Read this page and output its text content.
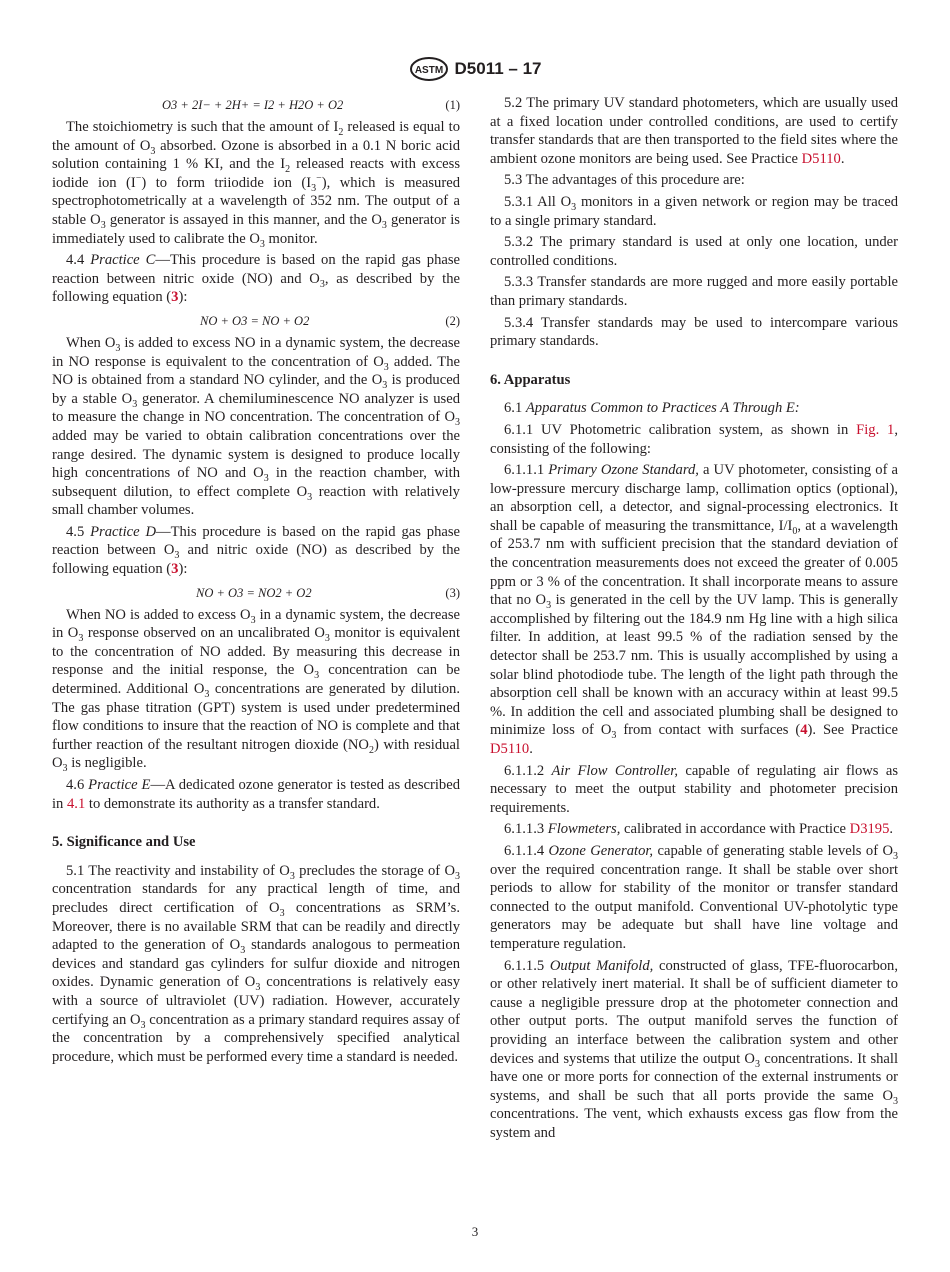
ASTM D5011 – 17
O3 + 2I− + 2H+ = I2 + H2O + O2	(1)

The stoichiometry is such that the amount of $I_2$ released is equal to the amount of $O_3$ absorbed. Ozone is absorbed in a 0.1 N boric acid solution containing 1 % KI, and the $I_2$ released reacts with excess iodide ion (I−) to form triiodide ion $(I_3^-)$, which is measured spectrophotometrically at a wavelength of 352 nm. The output of a stable $O_3$ generator is assayed in this manner, and the $O_3$ generator is immediately used to calibrate the $O_3$ monitor.

4.4 Practice C—This procedure is based on the rapid gas phase reaction between nitric oxide (NO) and $O_3$, as described by the following equation (3):

NO + O3 = NO + O2	(2)

When $O_3$ is added to excess NO in a dynamic system, the decrease in NO response is equivalent to the concentration of $O_3$ added. The NO is obtained from a standard NO cylinder, and the $O_3$ is produced by a stable $O_3$ generator. A chemiluminescence NO analyzer is used to measure the change in NO concentration. The concentration of $O_3$ added may be varied to obtain calibration concentrations over the range desired. The dynamic system is designed to produce locally high concentrations of NO and $O_3$ in the reaction chamber, with subsequent dilution, to effect complete $O_3$ reaction with relatively small chamber volumes.

4.5 Practice D—This procedure is based on the rapid gas phase reaction between $O_3$ and nitric oxide (NO) as described by the following equation (3):

NO + O3 = NO2 + O2	(3)

When NO is added to excess $O_3$ in a dynamic system, the decrease in $O_3$ response observed on an uncalibrated $O_3$ monitor is equivalent to the concentration of NO added. By measuring this decrease in response and the initial response, the $O_3$ concentration can be determined. Additional $O_3$ concentrations are generated by dilution. The gas phase titration (GPT) system is used under predetermined flow conditions to insure that the reaction of NO is complete and that further reaction of the resultant nitrogen dioxide $(NO_2)$ with residual $O_3$ is negligible.

4.6 Practice E—A dedicated ozone generator is tested as described in 4.1 to demonstrate its authority as a transfer standard.

5. Significance and Use

5.1 The reactivity and instability of $O_3$ precludes the storage of $O_3$ concentration standards for any practical length of time, and precludes direct certification of $O_3$ concentrations as SRM’s. Moreover, there is no available SRM that can be readily and directly adapted to the generation of $O_3$ standards analogous to permeation devices and standard gas cylinders for sulfur dioxide and nitrogen oxides. Dynamic generation of $O_3$ concentrations is relatively easy with a source of ultraviolet (UV) radiation. However, accurately certifying an $O_3$ concentration as a primary standard requires assay of the concentration by a comprehensively specified analytical procedure, which must be performed every time a standard is needed.

5.2 The primary UV standard photometers, which are usually used at a fixed location under controlled conditions, are used to certify transfer standards that are then transported to the field sites where the ambient ozone monitors are being used. See Practice D5110.

5.3 The advantages of this procedure are:

5.3.1 All $O_3$ monitors in a given network or region may be traced to a single primary standard.

5.3.2 The primary standard is used at only one location, under controlled conditions.

5.3.3 Transfer standards are more rugged and more easily portable than primary standards.

5.3.4 Transfer standards may be used to intercompare various primary standards.

6. Apparatus

6.1 Apparatus Common to Practices A Through E:

6.1.1 UV Photometric calibration system, as shown in Fig. 1, consisting of the following:

6.1.1.1 Primary Ozone Standard, a UV photometer, consisting of a low-pressure mercury discharge lamp, collimation optics (optional), an absorption cell, a detector, and signal-processing electronics. It shall be capable of measuring the transmittance, $I/I_0$, at a wavelength of 253.7 nm with sufficient precision that the standard deviation of the concentration measurements does not exceed the greater of 0.005 ppm or 3 % of the concentration. It shall incorporate means to assure that no $O_3$ is generated in the cell by the UV lamp. This is generally accomplished by filtering out the 184.9 nm Hg line with a high silica filter. In addition, at least 99.5 % of the radiation sensed by the detector shall be 253.7 nm. This is usually accomplished by using a solar blind photodiode tube. The length of the light path through the absorption cell shall be known with an accuracy within at least 99.5 %. In addition the cell and associated plumbing shall be designed to minimize loss of $O_3$ from contact with surfaces (4). See Practice D5110.

6.1.1.2 Air Flow Controller, capable of regulating air flows as necessary to meet the output stability and photometer precision requirements.

6.1.1.3 Flowmeters, calibrated in accordance with Practice D3195.

6.1.1.4 Ozone Generator, capable of generating stable levels of $O_3$ over the required concentration range. It shall be stable over short periods to allow for stability of the monitor or transfer standard connected to the output manifold. Conventional UV-photolytic type generators may be adequate but shall have line voltage and temperature regulation.

6.1.1.5 Output Manifold, constructed of glass, TFE-fluorocarbon, or other relatively inert material. It shall be of sufficient diameter to cause a negligible pressure drop at the photometer connection and other output ports. The output manifold serves the function of providing an interface between the calibration system and other devices and systems that utilize the output $O_3$ concentrations. It shall have one or more ports for connection of the external instruments or systems, and shall be such that all ports provide the same $O_3$ concentrations. The vent, which exhausts excess gas flow from the system and

3
